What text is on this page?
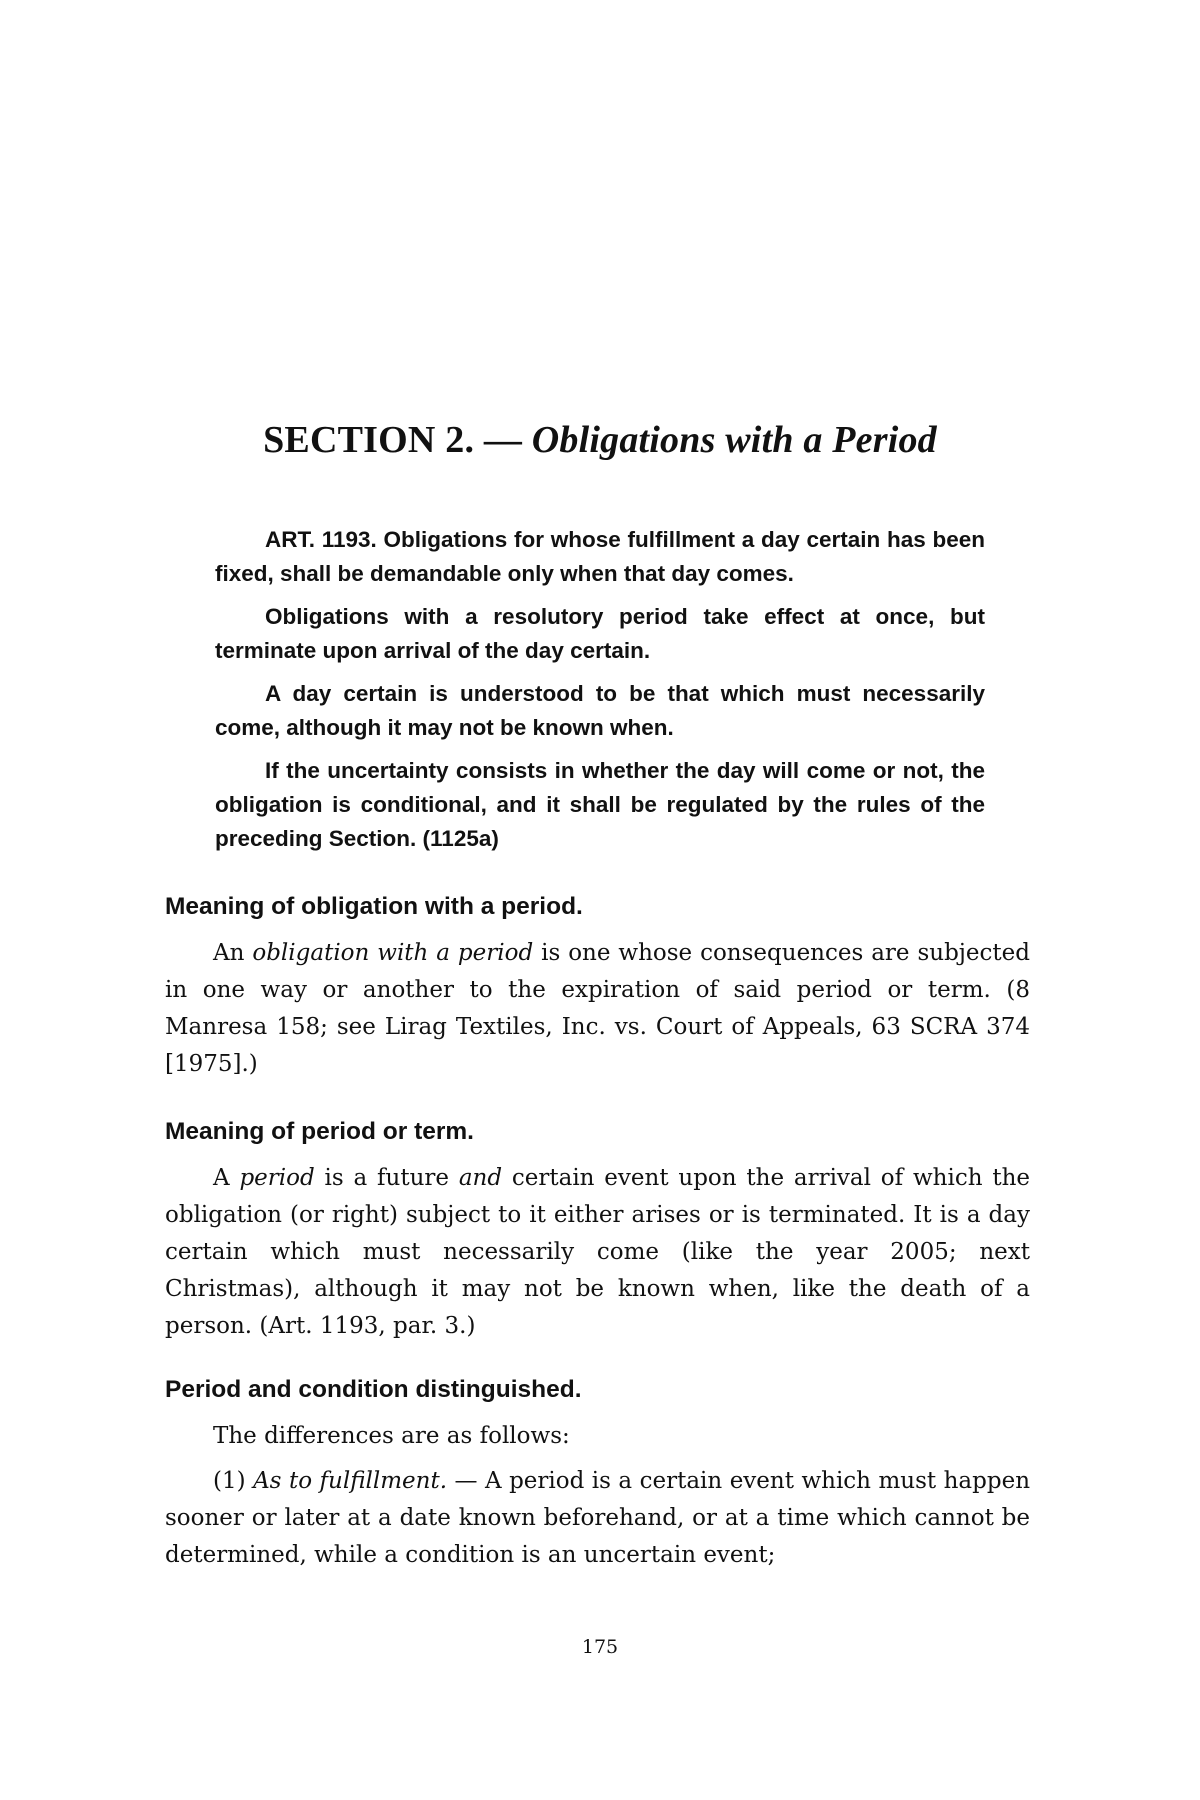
SECTION 2. — Obligations with a Period

ART. 1193. Obligations for whose fulfillment a day certain has been fixed, shall be demandable only when that day comes.

Obligations with a resolutory period take effect at once, but terminate upon arrival of the day certain.

A day certain is understood to be that which must necessarily come, although it may not be known when.

If the uncertainty consists in whether the day will come or not, the obligation is conditional, and it shall be regulated by the rules of the preceding Section. (1125a)

Meaning of obligation with a period.

An obligation with a period is one whose consequences are subjected in one way or another to the expiration of said period or term. (8 Manresa 158; see Lirag Textiles, Inc. vs. Court of Appeals, 63 SCRA 374 [1975].)

Meaning of period or term.

A period is a future and certain event upon the arrival of which the obligation (or right) subject to it either arises or is terminated. It is a day certain which must necessarily come (like the year 2005; next Christmas), although it may not be known when, like the death of a person. (Art. 1193, par. 3.)

Period and condition distinguished.

The differences are as follows:

(1) As to fulfillment. — A period is a certain event which must happen sooner or later at a date known beforehand, or at a time which cannot be determined, while a condition is an uncertain event;

175
